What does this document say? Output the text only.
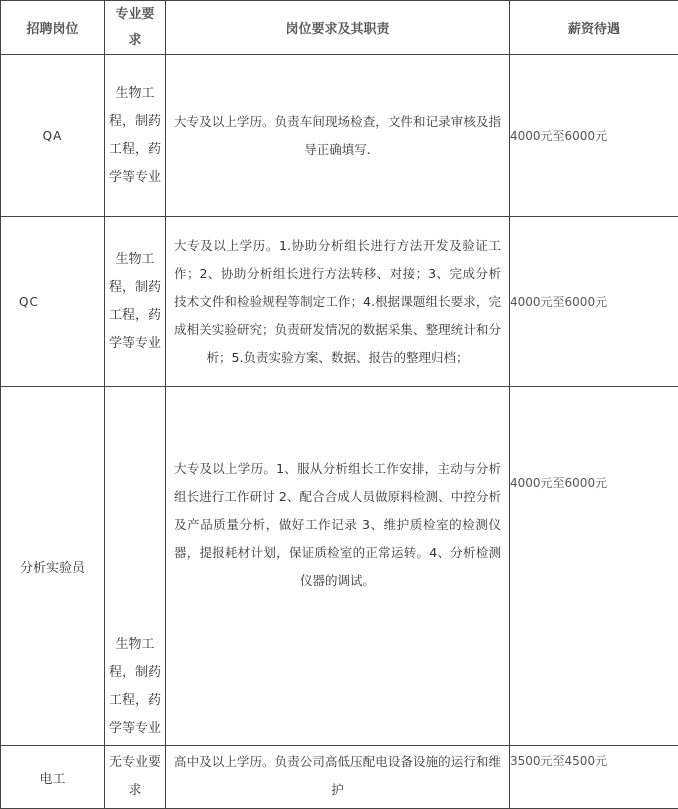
招聘岗位	专业要求	岗位要求及其职责	薪资待遇
QA	生物工程，制药工程，药学等专业	大专及以上学历。负责车间现场检查，文件和记录审核及指导正确填写.	4000元至6000元
QC	生物工程，制药工程，药学等专业	大专及以上学历。1.协助分析组长进行方法开发及验证工作；2、协助分析组长进行方法转移、对接；3、完成分析技术文件和检验规程等制定工作；4.根据课题组长要求，完成相关实验研究；负责研发情况的数据采集、整理统计和分析；5.负责实验方案、数据、报告的整理归档；	4000元至6000元
分析实验员	生物工程，制药工程，药学等专业	大专及以上学历。1、服从分析组长工作安排，主动与分析组长进行工作研讨 2、配合合成人员做原料检测、中控分析及产品质量分析，做好工作记录 3、维护质检室的检测仪器，提报耗材计划，保证质检室的正常运转。4、分析检测仪器的调试。	4000元至6000元
电工	无专业要求	高中及以上学历。负责公司高低压配电设备设施的运行和维护	3500元至4500元
